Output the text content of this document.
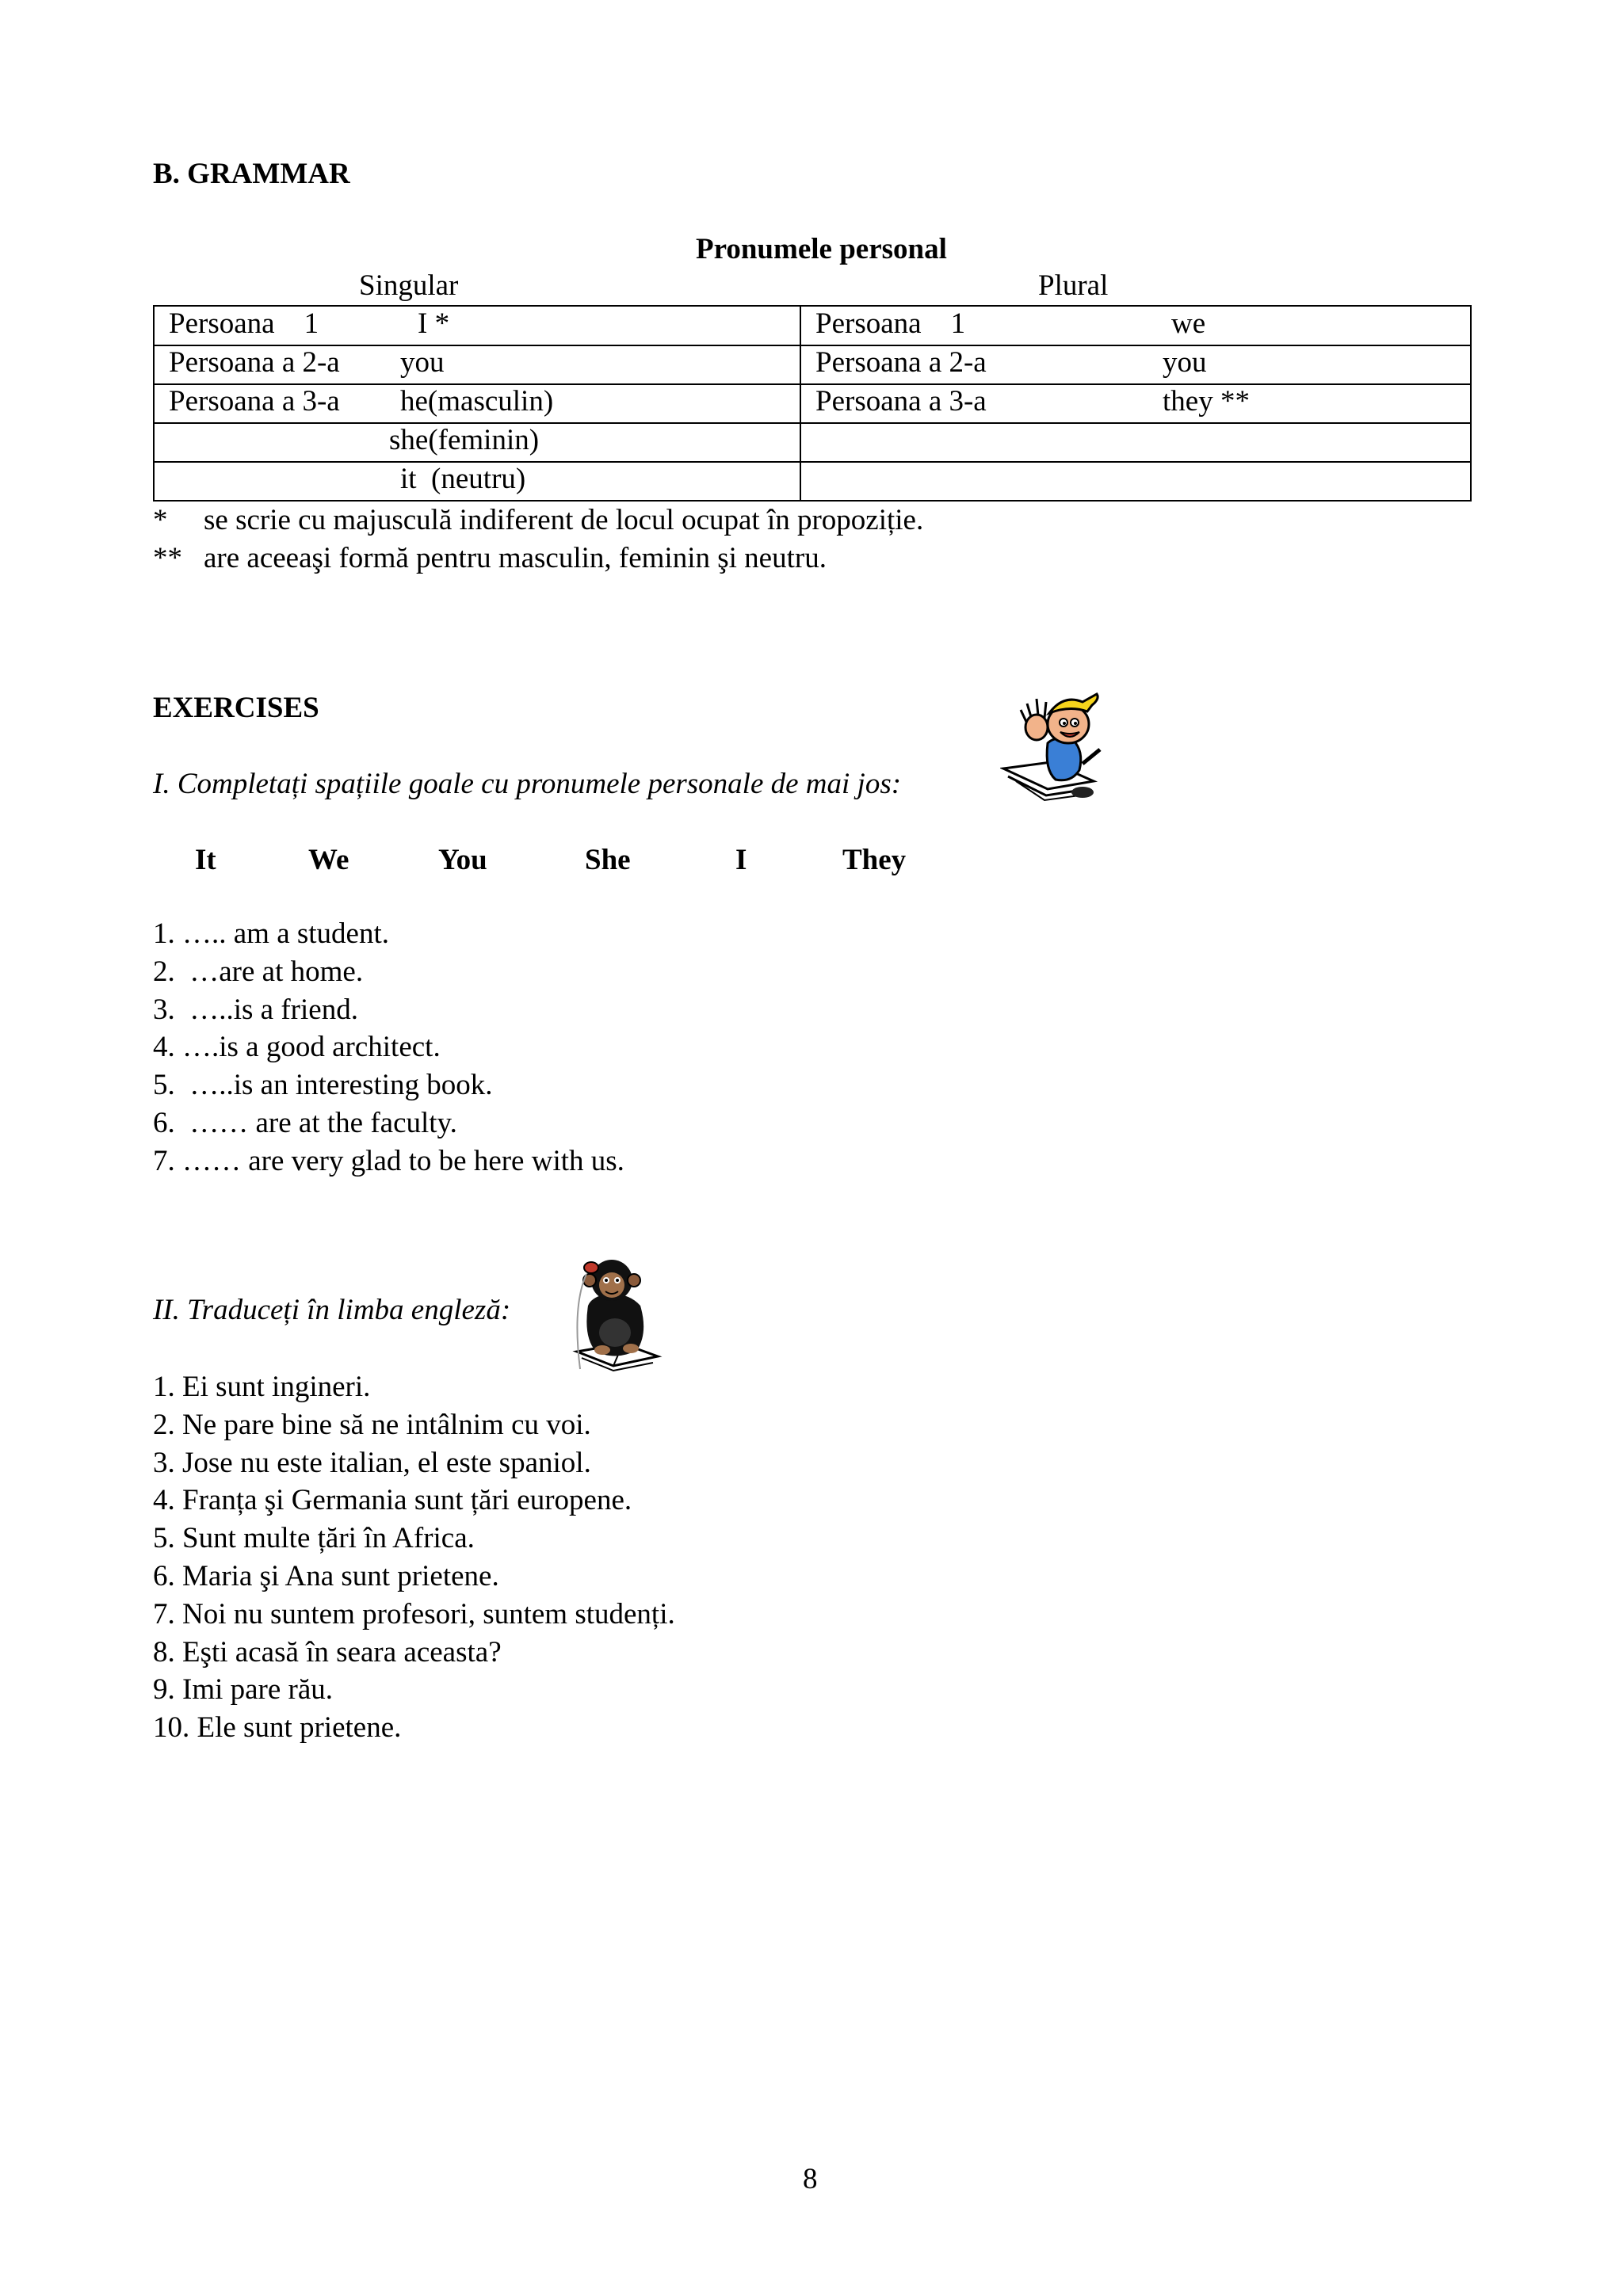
B. GRAMMAR
Pronumele personal
Singular	Plural
Persoana    1	I *	Persoana    1	we
Persoana a 2-a you	Persoana a 2-a	you
Persoana a 3-a he(masculin)	Persoana a 3-a	they **
she(feminin)
it  (neutru)
* se scrie cu majusculă indiferent de locul ocupat în propoziție.
** are aceeaşi formă pentru masculin, feminin şi neutru.
EXERCISES
I. Completați spațiile goale cu pronumele personale de mai jos:
It	We	You	She	I	They
1. ….. am a student.
2.  …are at home.
3.  …..is a friend.
4. ….is a good architect.
5.  …..is an interesting book.
6.  …… are at the faculty.
7. …… are very glad to be here with us.
II. Traduceți în limba engleză:
1. Ei sunt ingineri.
2. Ne pare bine să ne intâlnim cu voi.
3. Jose nu este italian, el este spaniol.
4. Franța şi Germania sunt țări europene.
5. Sunt multe țări în Africa.
6. Maria şi Ana sunt prietene.
7. Noi nu suntem profesori, suntem studenți.
8. Eşti acasă în seara aceasta?
9. Imi pare rău.
10. Ele sunt prietene.
8
